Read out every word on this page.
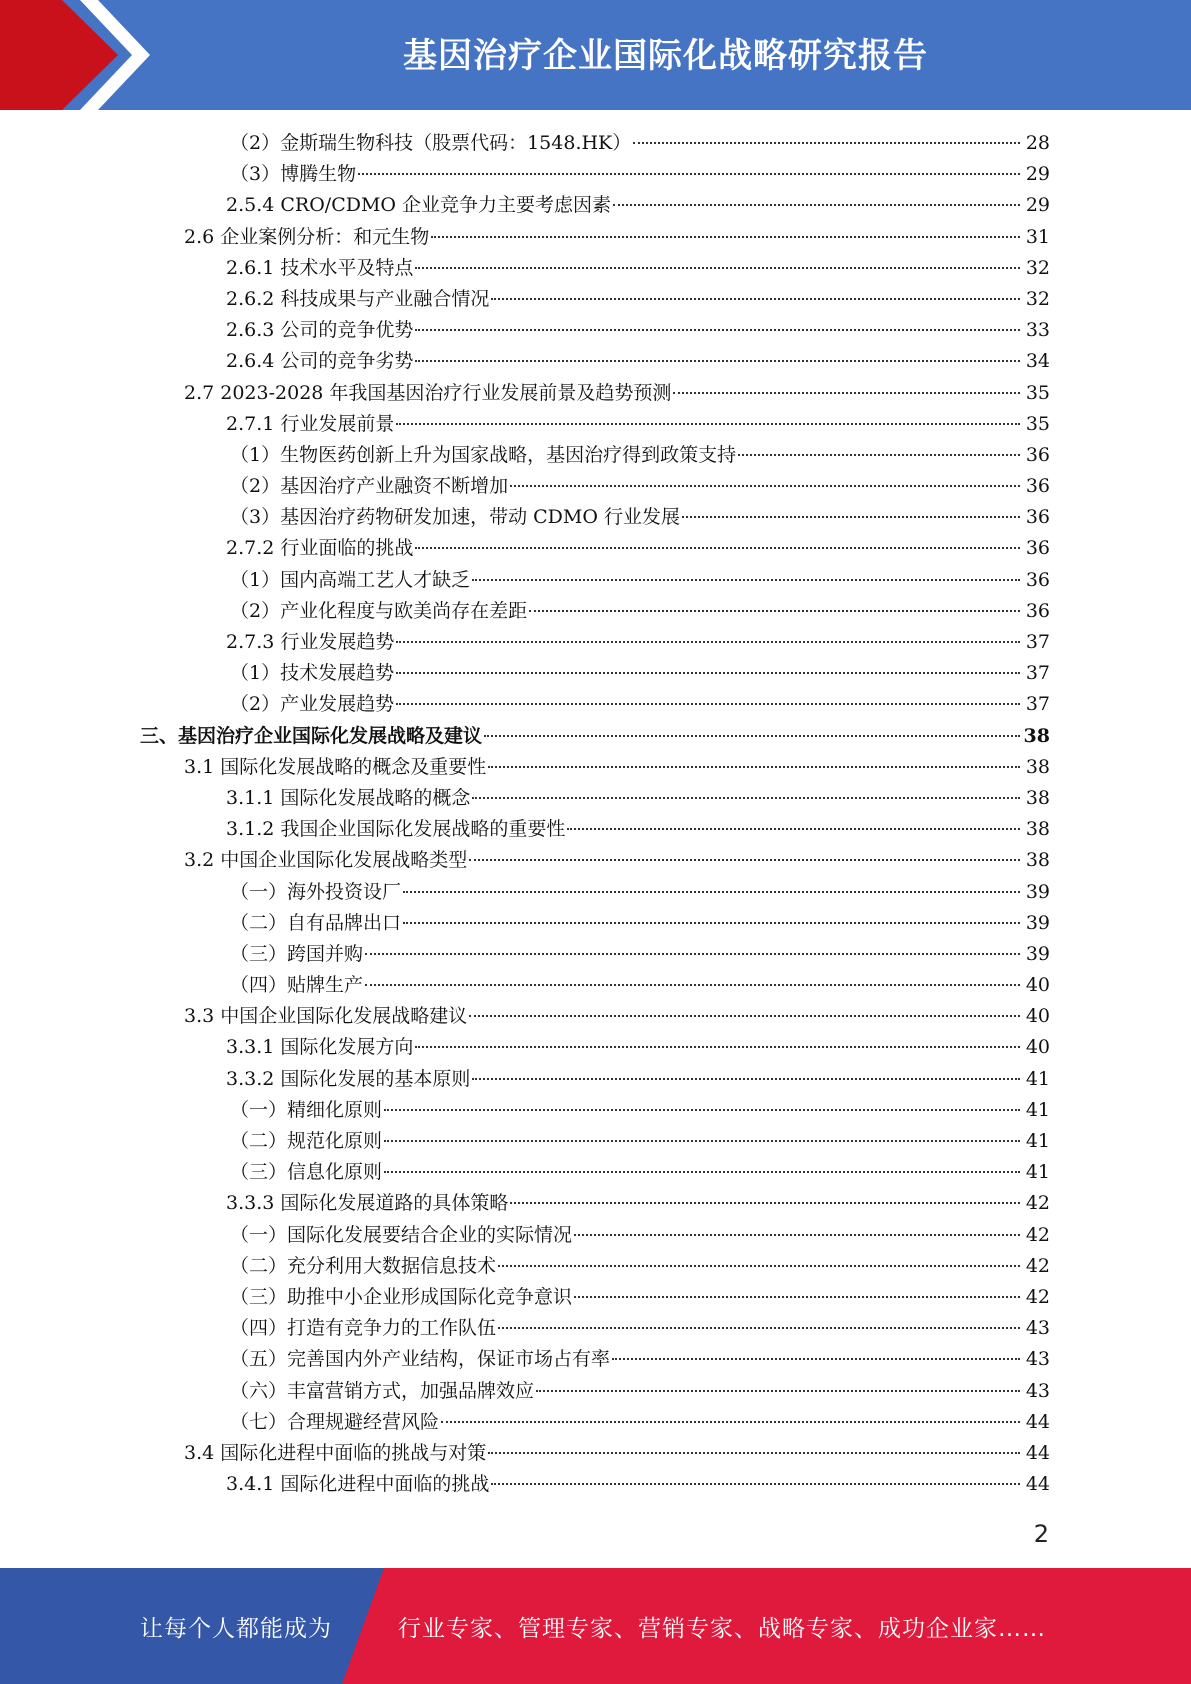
基因治疗企业国际化战略研究报告
（2）金斯瑞生物科技（股票代码：1548.HK）	28
（3）博腾生物	29
2.5.4 CRO/CDMO 企业竞争力主要考虑因素	29
2.6 企业案例分析：和元生物	31
2.6.1 技术水平及特点	32
2.6.2 科技成果与产业融合情况	32
2.6.3 公司的竞争优势	33
2.6.4 公司的竞争劣势	34
2.7 2023-2028 年我国基因治疗行业发展前景及趋势预测	35
2.7.1 行业发展前景	35
（1）生物医药创新上升为国家战略，基因治疗得到政策支持	36
（2）基因治疗产业融资不断增加	36
（3）基因治疗药物研发加速，带动 CDMO 行业发展	36
2.7.2 行业面临的挑战	36
（1）国内高端工艺人才缺乏	36
（2）产业化程度与欧美尚存在差距	36
2.7.3 行业发展趋势	37
（1）技术发展趋势	37
（2）产业发展趋势	37
三、基因治疗企业国际化发展战略及建议	38
3.1 国际化发展战略的概念及重要性	38
3.1.1 国际化发展战略的概念	38
3.1.2 我国企业国际化发展战略的重要性	38
3.2 中国企业国际化发展战略类型	38
（一）海外投资设厂	39
（二）自有品牌出口	39
（三）跨国并购	39
（四）贴牌生产	40
3.3 中国企业国际化发展战略建议	40
3.3.1 国际化发展方向	40
3.3.2 国际化发展的基本原则	41
（一）精细化原则	41
（二）规范化原则	41
（三）信息化原则	41
3.3.3 国际化发展道路的具体策略	42
（一）国际化发展要结合企业的实际情况	42
（二）充分利用大数据信息技术	42
（三）助推中小企业形成国际化竞争意识	42
（四）打造有竞争力的工作队伍	43
（五）完善国内外产业结构，保证市场占有率	43
（六）丰富营销方式，加强品牌效应	43
（七）合理规避经营风险	44
3.4 国际化进程中面临的挑战与对策	44
3.4.1 国际化进程中面临的挑战	44
2
让每个人都能成为	行业专家、管理专家、营销专家、战略专家、成功企业家……
